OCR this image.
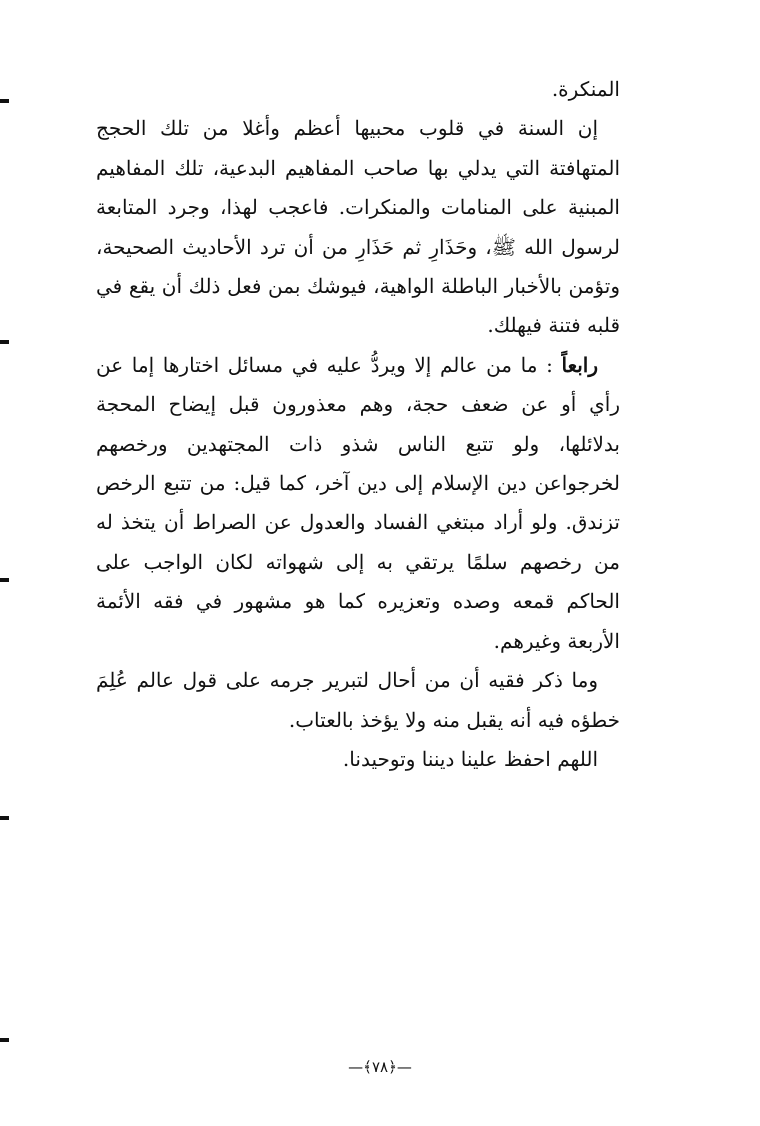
المنكرة.

إن السنة في قلوب محبيها أعظم وأغلا من تلك الحجج المتهافتة التي يدلي بها صاحب المفاهيم البدعية، تلك المفاهيم المبنية على المنامات والمنكرات. فاعجب لهذا، وجرد المتابعة لرسول الله ﷺ، وحَذَارِ ثم حَذَارِ من أن ترد الأحاديث الصحيحة، وتؤمن بالأخبار الباطلة الواهية، فيوشك بمن فعل ذلك أن يقع في قلبه فتنة فيهلك.

رابعاً : ما من عالم إلا ويردُّ عليه في مسائل اختارها إما عن رأي أو عن ضعف حجة، وهم معذورون قبل إيضاح المحجة بدلائلها، ولو تتبع الناس شذو ذات المجتهدين ورخصهم لخرجواعن دين الإسلام إلى دين آخر، كما قيل: من تتبع الرخص تزندق. ولو أراد مبتغي الفساد والعدول عن الصراط أن يتخذ له من رخصهم سلمًا يرتقي به إلى شهواته لكان الواجب على الحاكم قمعه وصده وتعزيره كما هو مشهور في فقه الأئمة الأربعة وغيرهم.

وما ذكر فقيه أن من أحال لتبرير جرمه على قول عالم عُلِمَ خطؤه فيه أنه يقبل منه ولا يؤخذ بالعتاب.

اللهم احفظ علينا ديننا وتوحيدنا.

—﴿٧٨﴾—
